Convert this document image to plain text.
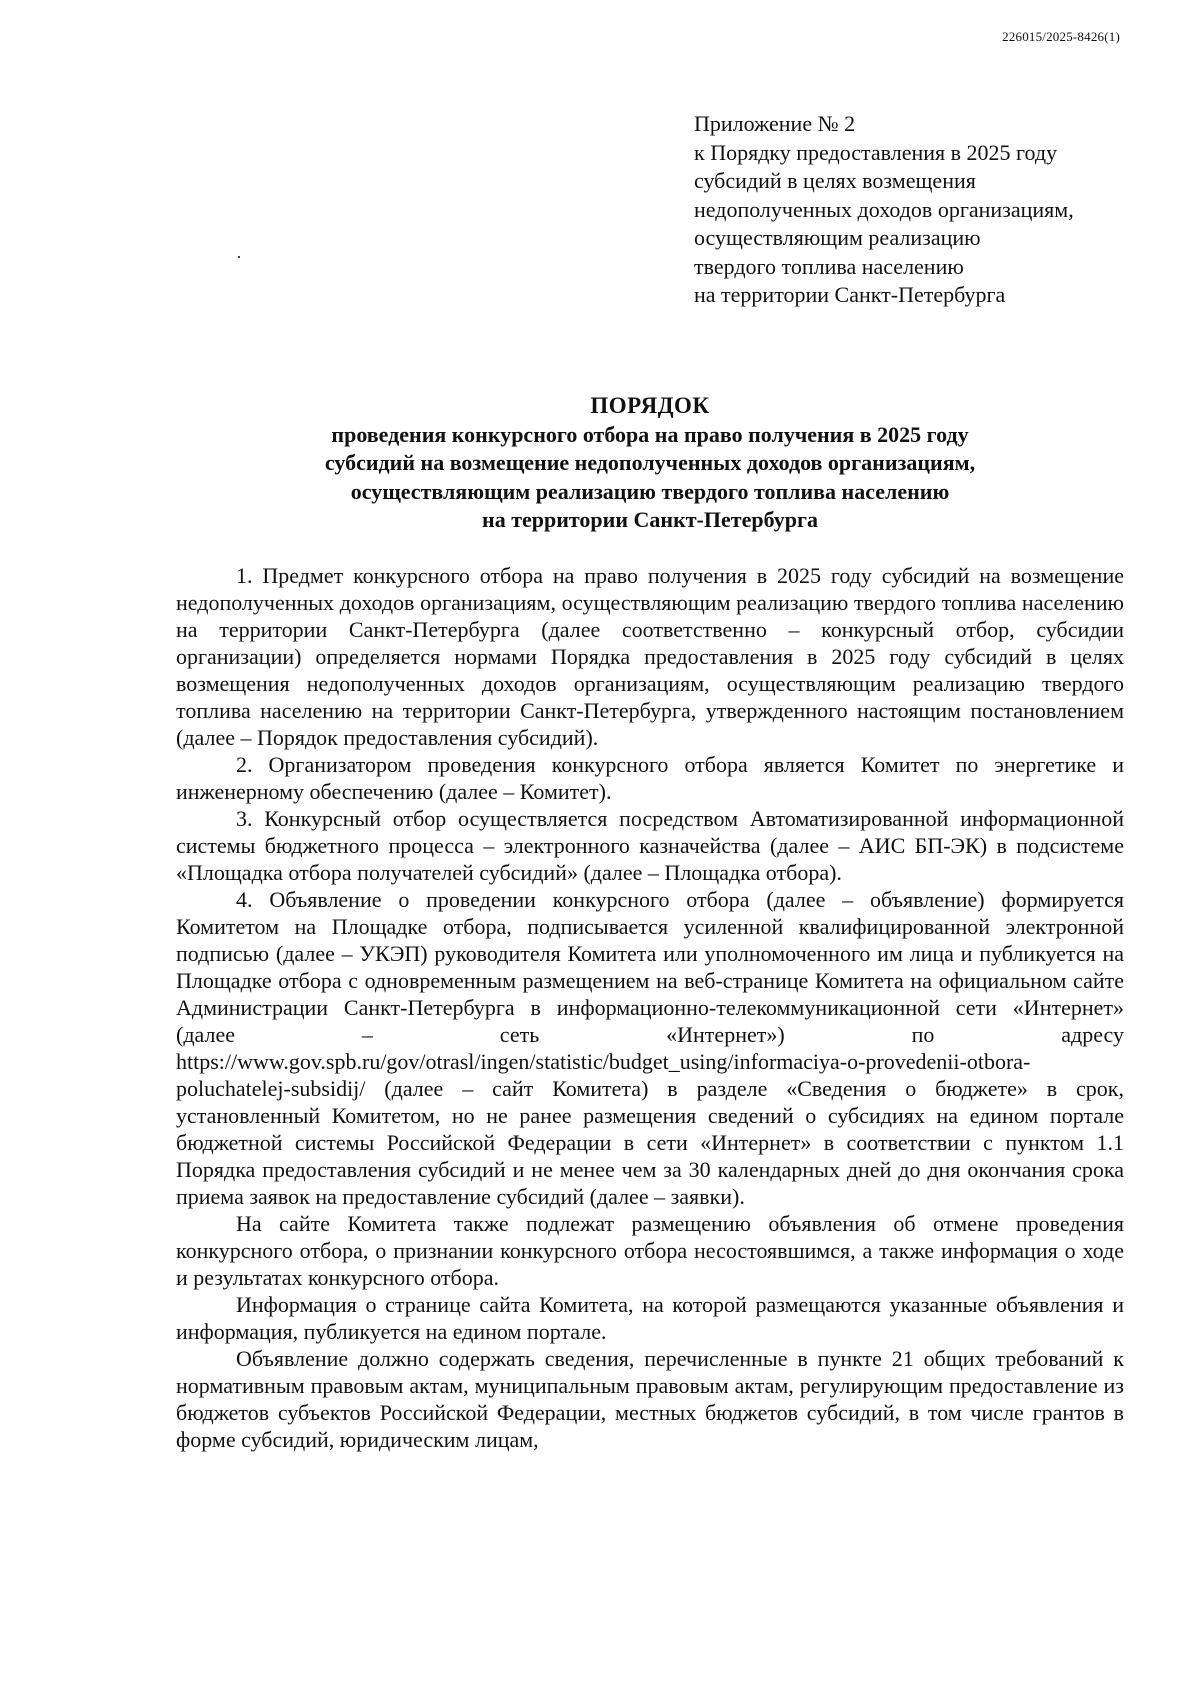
226015/2025-8426(1)
Приложение № 2
к Порядку предоставления в 2025 году
субсидий в целях возмещения
недополученных доходов организациям,
осуществляющим реализацию
твердого топлива населению
на территории Санкт-Петербурга
ПОРЯДОК
проведения конкурсного отбора на право получения в 2025 году
субсидий на возмещение недополученных доходов организациям,
осуществляющим реализацию твердого топлива населению
на территории Санкт-Петербурга

1. Предмет конкурсного отбора на право получения в 2025 году субсидий на возмещение недополученных доходов организациям, осуществляющим реализацию твердого топлива населению на территории Санкт-Петербурга (далее соответственно – конкурсный отбор, субсидии организации) определяется нормами Порядка предоставления в 2025 году субсидий в целях возмещения недополученных доходов организациям, осуществляющим реализацию твердого топлива населению на территории Санкт-Петербурга, утвержденного настоящим постановлением (далее – Порядок предоставления субсидий).

2. Организатором проведения конкурсного отбора является Комитет по энергетике и инженерному обеспечению (далее – Комитет).

3. Конкурсный отбор осуществляется посредством Автоматизированной информационной системы бюджетного процесса – электронного казначейства (далее – АИС БП-ЭК) в подсистеме «Площадка отбора получателей субсидий» (далее – Площадка отбора).

4. Объявление о проведении конкурсного отбора (далее – объявление) формируется Комитетом на Площадке отбора, подписывается усиленной квалифицированной электронной подписью (далее – УКЭП) руководителя Комитета или уполномоченного им лица и публикуется на Площадке отбора с одновременным размещением на веб-странице Комитета на официальном сайте Администрации Санкт-Петербурга в информационно-телекоммуникационной сети «Интернет» (далее – сеть «Интернет») по адресу https://www.gov.spb.ru/gov/otrasl/ingen/statistic/budget_using/informaciya-o-provedenii-otbora-poluchatelej-subsidij/ (далее – сайт Комитета) в разделе «Сведения о бюджете» в срок, установленный Комитетом, но не ранее размещения сведений о субсидиях на едином портале бюджетной системы Российской Федерации в сети «Интернет» в соответствии с пунктом 1.1 Порядка предоставления субсидий и не менее чем за 30 календарных дней до дня окончания срока приема заявок на предоставление субсидий (далее – заявки).

На сайте Комитета также подлежат размещению объявления об отмене проведения конкурсного отбора, о признании конкурсного отбора несостоявшимся, а также информация о ходе и результатах конкурсного отбора.

Информация о странице сайта Комитета, на которой размещаются указанные объявления и информация, публикуется на едином портале.

Объявление должно содержать сведения, перечисленные в пункте 21 общих требований к нормативным правовым актам, муниципальным правовым актам, регулирующим предоставление из бюджетов субъектов Российской Федерации, местных бюджетов субсидий, в том числе грантов в форме субсидий, юридическим лицам,
